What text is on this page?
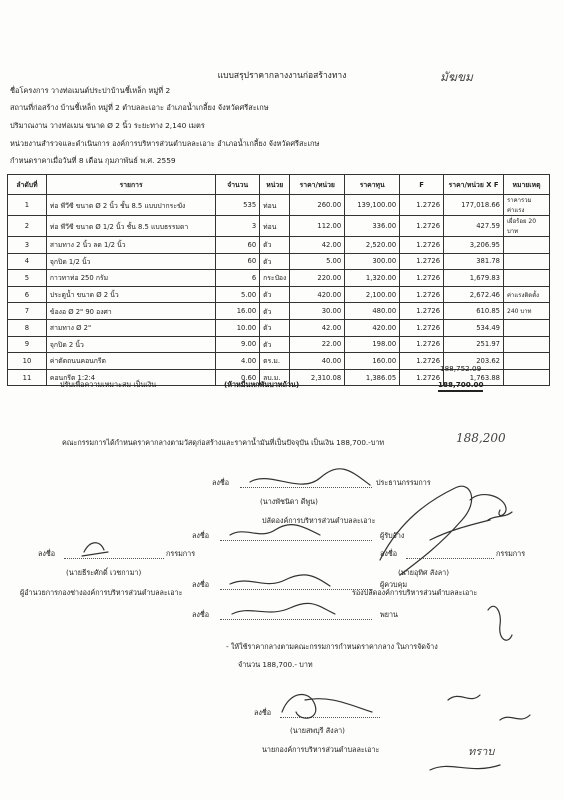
มัฆขม
แบบสรุปราคากลางงานก่อสร้างทาง
ชื่อโครงการ วางท่อเมนต์ประปาบ้านชี้เหล็ก หมู่ที่ 2
สถานที่ก่อสร้าง บ้านชี้เหล็ก หมู่ที่ 2 ตำบลละเอาะ อำเภอน้ำเกลี้ยง จังหวัดศรีสะเกษ
ปริมาณงาน วางท่อเมน ขนาด Ø 2 นิ้ว ระยะทาง 2,140 เมตร
หน่วยงานสำรวจและดำเนินการ องค์การบริหารส่วนตำบลละเอาะ อำเภอน้ำเกลี้ยง จังหวัดศรีสะเกษ
กำหนดราคาเมื่อวันที่ 8 เดือน กุมภาพันธ์ พ.ศ. 2559
ลำดับที่	รายการ	จำนวน	หน่วย	ราคา/หน่วย	ราคาทุน	F	ราคา/หน่วย X F	หมายเหตุ
1	ท่อ พีวีซี ขนาด Ø 2 นิ้ว ชั้น 8.5 แบบปากระฆัง	535	ท่อน	260.00	139,100.00	1.2726	177,018.66	ราคารวมค่าแรง
2	ท่อ พีวีซี ขนาด Ø 1/2 นิ้ว ชั้น 8.5 แบบธรรมดา	3	ท่อน	112.00	336.00	1.2726	427.59	เผื่อร้อย 20 บาท
3	สามทาง 2 นิ้ว ลด 1/2 นิ้ว	60	ตัว	42.00	2,520.00	1.2726	3,206.95	
4	จุกปิด 1/2 นิ้ว	60	ตัว	5.00	300.00	1.2726	381.78	
5	กาวทาท่อ 250 กรัม	6	กระป๋อง	220.00	1,320.00	1.2726	1,679.83	
6	ประตูน้ำ ขนาด Ø 2 นิ้ว	5.00	ตัว	420.00	2,100.00	1.2726	2,672.46	ค่าแรงติดตั้ง
7	ข้องอ Ø 2" 90 องศา	16.00	ตัว	30.00	480.00	1.2726	610.85	240 บาท
8	สามทาง Ø 2"	10.00	ตัว	42.00	420.00	1.2726	534.49	
9	จุกปิด 2 นิ้ว	9.00	ตัว	22.00	198.00	1.2726	251.97	
10	ค่าตัดถนนคอนกรีต	4.00	ตร.ม.	40.00	160.00	1.2726	203.62	
11	คอนกรีต 1:2:4	0.60	ลบ.ม.	2,310.08	1,386.05	1.2726	1,763.88	
188,752.09
ปรับเพื่อความเหมาะสม เป็นเงิน	(ห้าหมื่นหกพันบาทถ้วน)	188,700.00
คณะกรรมการได้กำหนดราคากลางตามวัสดุก่อสร้างและราคาน้ำมันที่เป็นปัจจุบัน เป็นเงิน 188,700.-บาท	188,200
ลงชื่อ	ประธานกรรมการ
(นางพัชนิดา ดีพูน)
ปลัดองค์การบริหารส่วนตำบลละเอาะ
ลงชื่อ	ผู้รับจ้าง
ลงชื่อ	ผู้ควบคุม
ลงชื่อ	พยาน
ลงชื่อ	กรรมการ
(นายธีระศักดิ์ เวชกามา)
ผู้อำนวยการกองช่างองค์การบริหารส่วนตำบลละเอาะ
ลงชื่อ	กรรมการ
(นายอุทิศ สังลา)
รองปลัดองค์การบริหารส่วนตำบลละเอาะ
- ให้ใช้ราคากลางตามคณะกรรมการกำหนดราคากลาง ในการจัดจ้าง
จำนวน 188,700.- บาท
ลงชื่อ
(นายสพบุรี สังลา)
นายกองค์การบริหารส่วนตำบลละเอาะ	ทราบ
